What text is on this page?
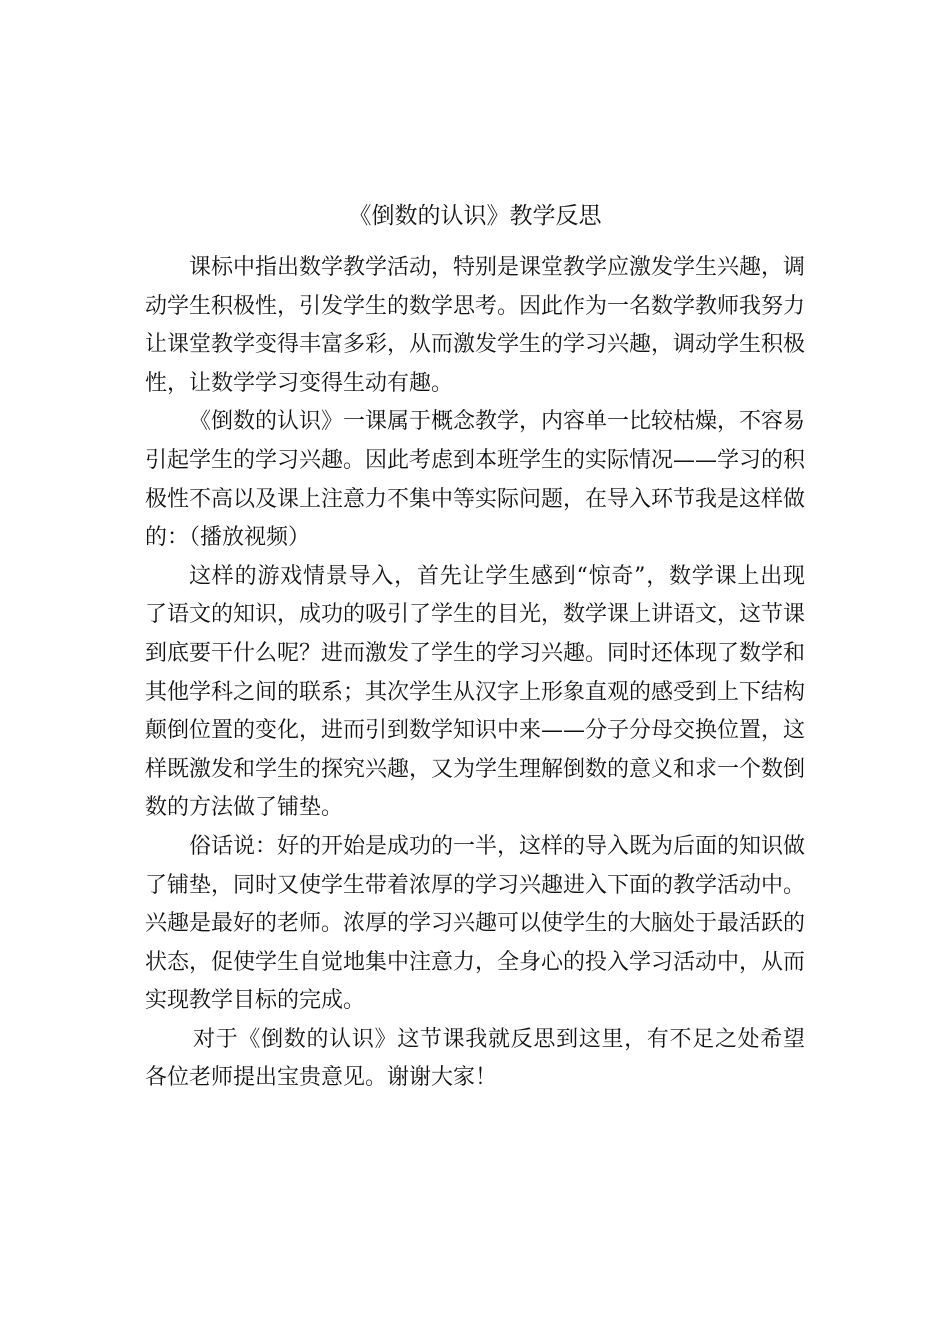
《倒数的认识》教学反思

课标中指出数学教学活动，特别是课堂教学应激发学生兴趣，调动学生积极性，引发学生的数学思考。因此作为一名数学教师我努力让课堂教学变得丰富多彩，从而激发学生的学习兴趣，调动学生积极性，让数学学习变得生动有趣。

《倒数的认识》一课属于概念教学，内容单一比较枯燥，不容易引起学生的学习兴趣。因此考虑到本班学生的实际情况——学习的积极性不高以及课上注意力不集中等实际问题，在导入环节我是这样做的：（播放视频）

这样的游戏情景导入，首先让学生感到“惊奇”，数学课上出现了语文的知识，成功的吸引了学生的目光，数学课上讲语文，这节课到底要干什么呢？进而激发了学生的学习兴趣。同时还体现了数学和其他学科之间的联系；其次学生从汉字上形象直观的感受到上下结构颠倒位置的变化，进而引到数学知识中来——分子分母交换位置，这样既激发和学生的探究兴趣，又为学生理解倒数的意义和求一个数倒数的方法做了铺垫。

俗话说：好的开始是成功的一半，这样的导入既为后面的知识做了铺垫，同时又使学生带着浓厚的学习兴趣进入下面的教学活动中。兴趣是最好的老师。浓厚的学习兴趣可以使学生的大脑处于最活跃的状态，促使学生自觉地集中注意力，全身心的投入学习活动中，从而实现教学目标的完成。

对于《倒数的认识》这节课我就反思到这里，有不足之处希望各位老师提出宝贵意见。谢谢大家！
